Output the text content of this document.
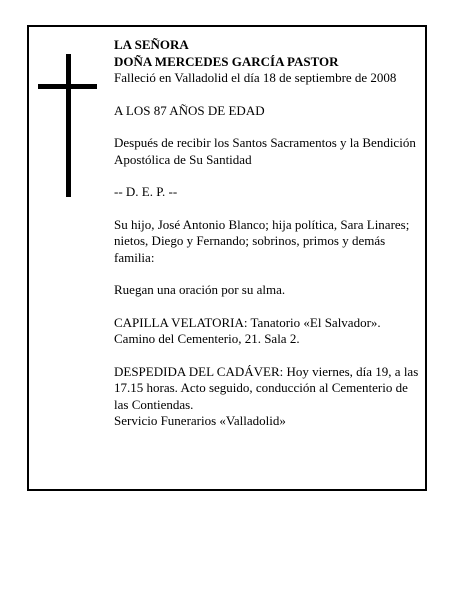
LA SEÑORA

DOÑA MERCEDES GARCÍA PASTOR

Falleció en Valladolid el día 18 de septiembre de 2008

A LOS 87 AÑOS DE EDAD

Después de recibir los Santos Sacramentos y la Bendición Apostólica de Su Santidad

-- D. E. P. --

Su hijo, José Antonio Blanco; hija política, Sara Linares; nietos, Diego y Fernando; sobrinos, primos y demás familia:

Ruegan una oración por su alma.

CAPILLA VELATORIA: Tanatorio «El Salvador». Camino del Cementerio, 21. Sala 2.

DESPEDIDA DEL CADÁVER: Hoy viernes, día 19, a las 17.15 horas. Acto seguido, conducción al Cementerio de las Contiendas.

Servicio Funerarios «Valladolid»
